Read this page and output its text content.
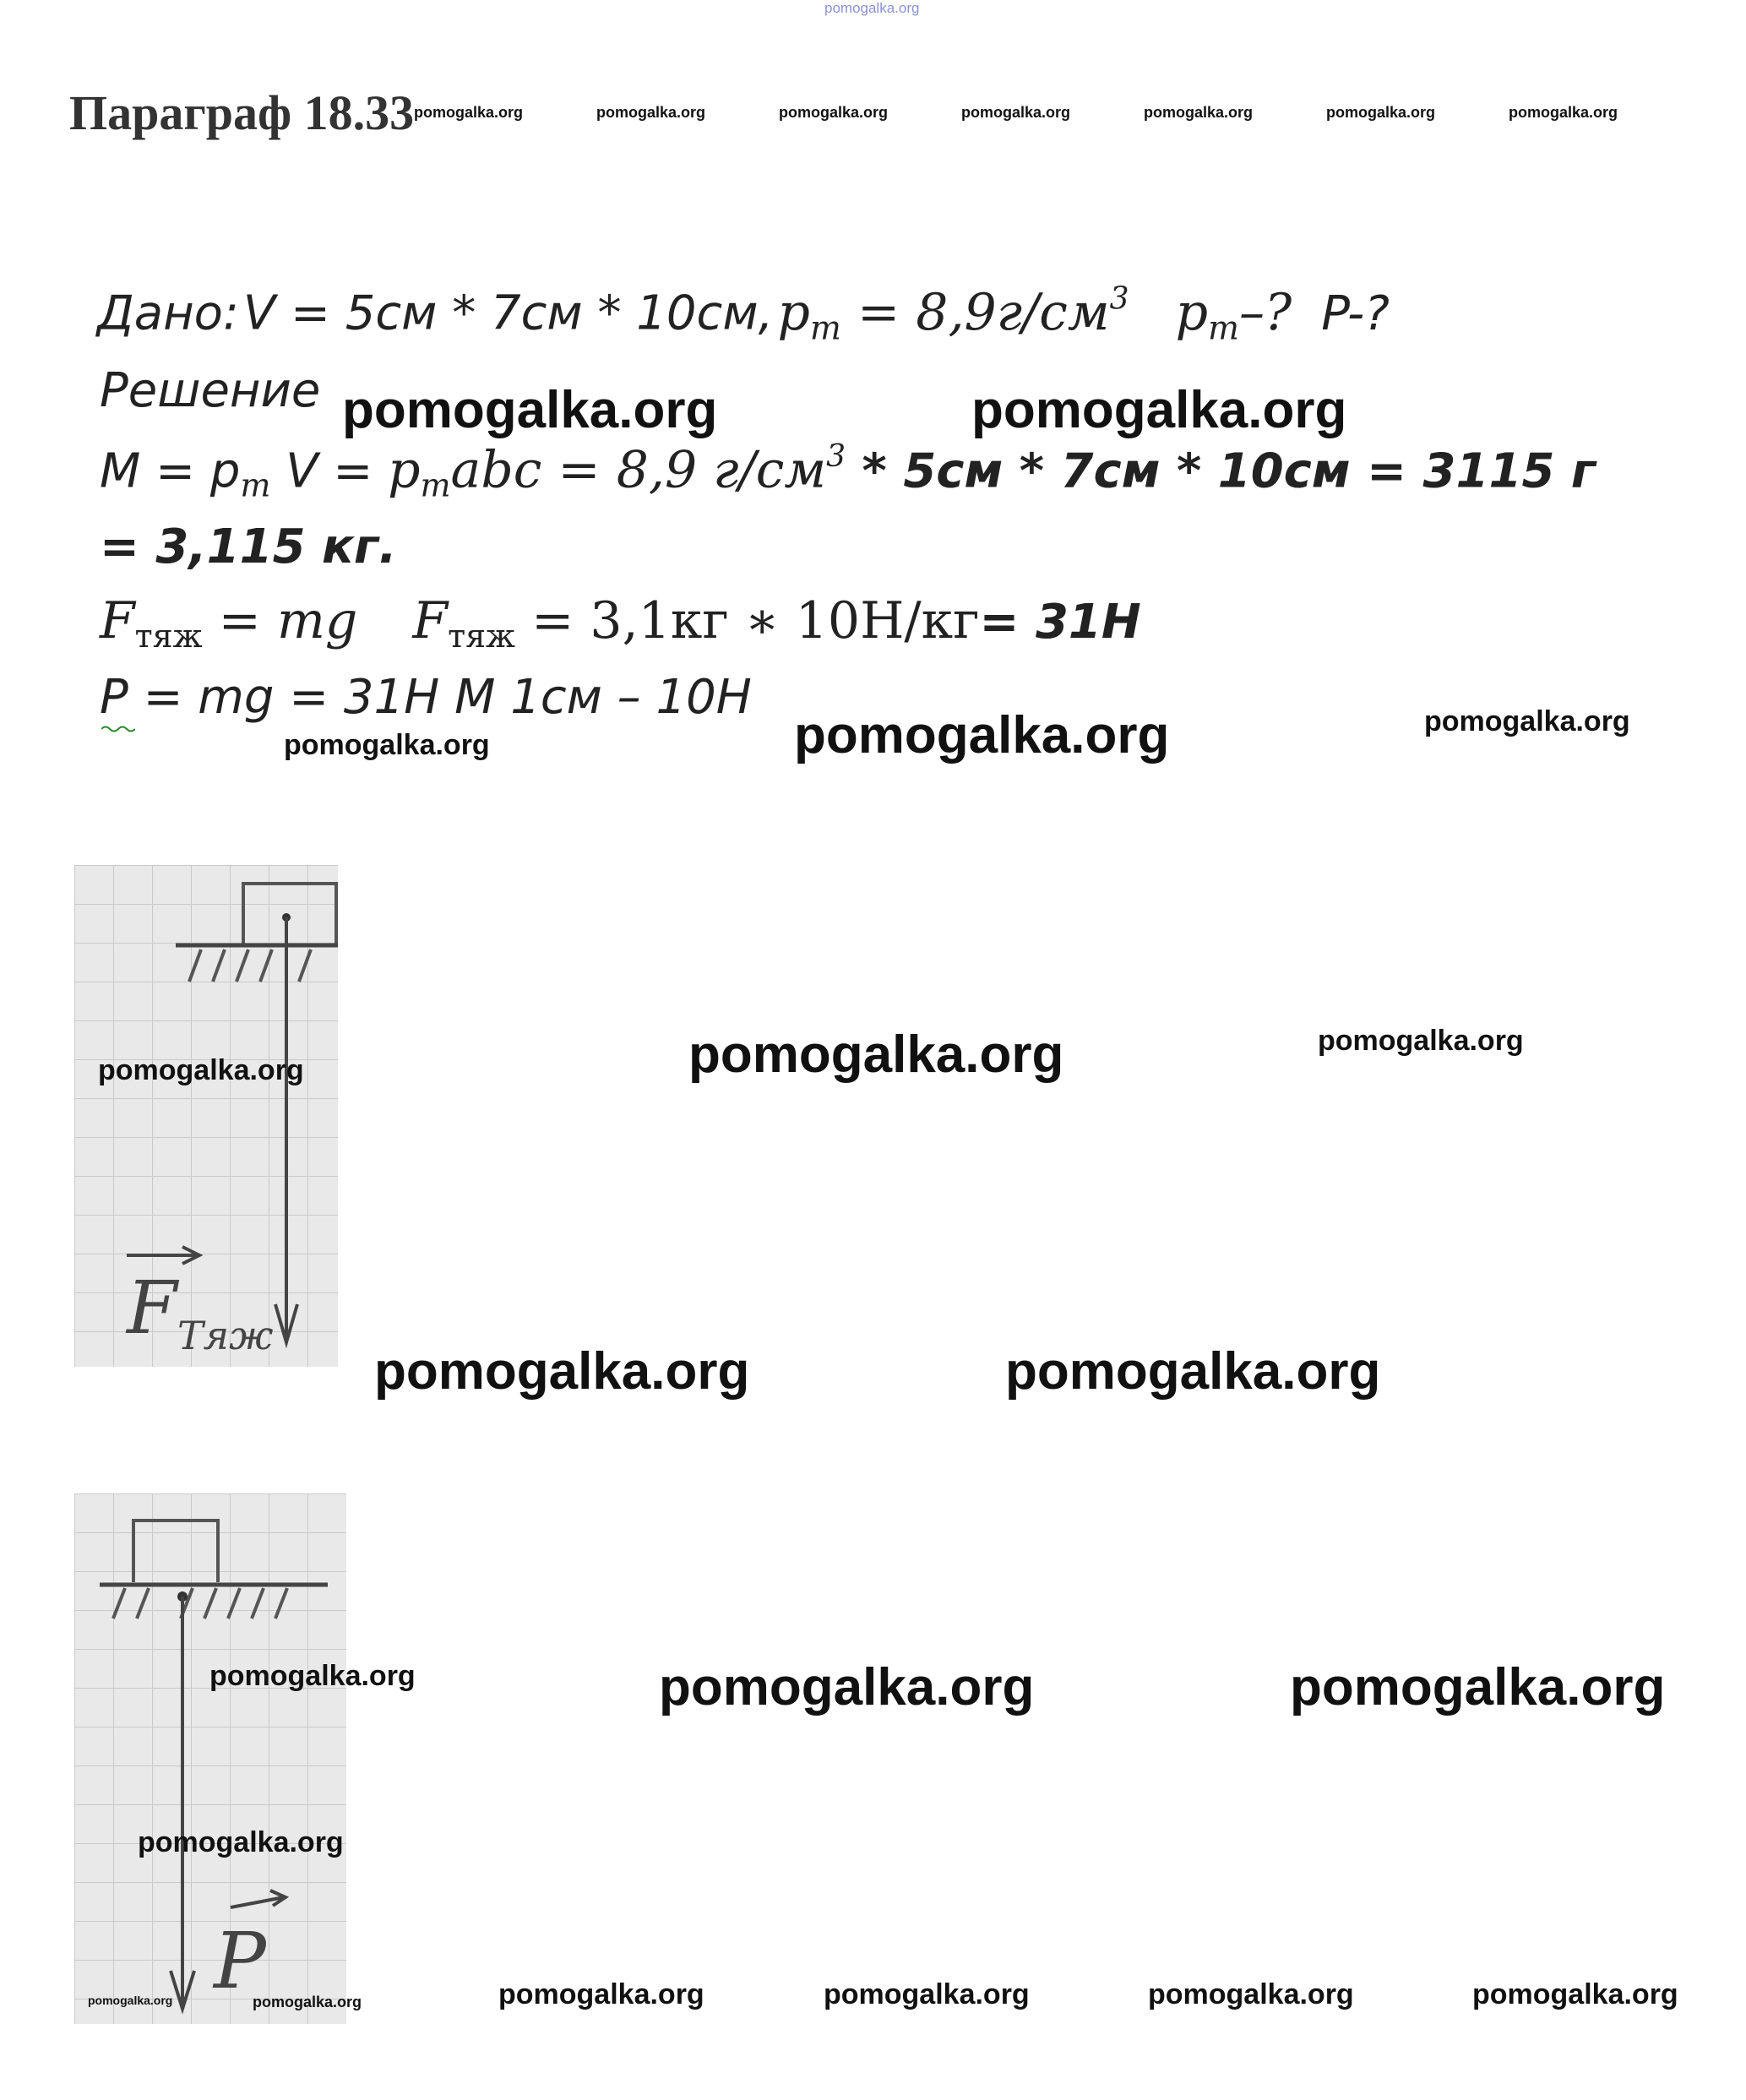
pomogalka.org
Параграф 18.33 pomogalka.org	pomogalka.org	pomogalka.org	pomogalka.org	pomogalka.org	pomogalka.org	pomogalka.org
Дано: V = 5см * 7см * 10см, $p_m = 8,9г/см^3$ $p_m-$? P-?
Решение
$M = p_m$ $V = p_mabc = 8,9$ $г/см^3 * 5см * 7см * 10см = 3115$ г
= 3,115 кг.
$F_{тяж}$ = mg $F_{тяж} = 3,1кг$ ∗ 10Н/кг= 31H
P = mg = 31H M 1см – 10H
pomogalka.org	pomogalka.org
pomogalka.org	pomogalka.org	pomogalka.org
F Тяж
pomogalka.org	pomogalka.org	pomogalka.org
pomogalka.org	pomogalka.org
P
pomogalka.org	pomogalka.org	pomogalka.org
pomogalka.org
pomogalka.org	pomogalka.org	pomogalka.org	pomogalka.org	pomogalka.org	pomogalka.org
